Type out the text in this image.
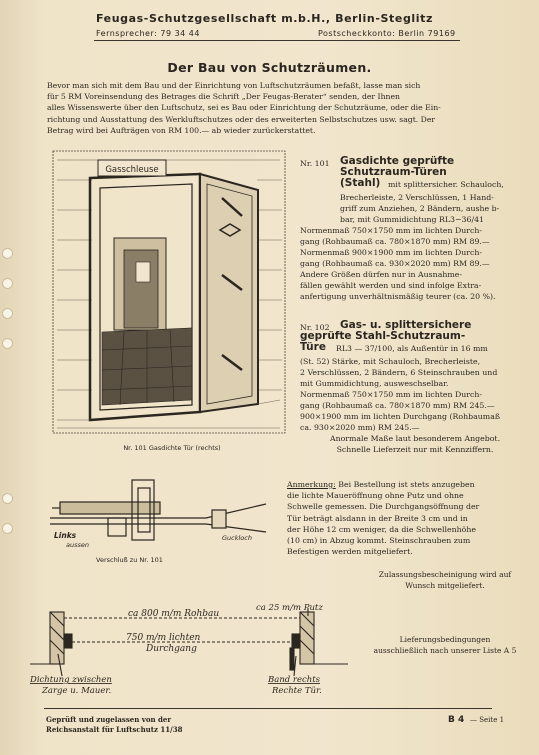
Feugas-Schutzgesellschaft m.b.H., Berlin-Steglitz
Fernsprecher: 79 34 44	Postscheckkonto: Berlin 79169
Der Bau von Schutzräumen.

Bevor man sich mit dem Bau und der Einrichtung von Luftschutzräumen befaßt, lasse man sich

für 5 RM Voreinsendung des Betrages die Schrift „Der Feugas-Berater“ senden, der Ihnen

alles Wissenswerte über den Luftschutz, sei es Bau oder Einrichtung der Schutzräume, oder die Ein-

richtung und Ausstattung des Werkluftschutzes oder des erweiterten Selbstschutzes usw. sagt. Der

Betrag wird bei Aufträgen von RM 100.— ab wieder zurückerstattet.

Gasschleuse
Nr. 101 Gasdichte Tür (rechts)
Nr. 101 Gasdichte geprüfte
Schutzraum-Türen
(Stahl) mit splittersicher. Schauloch,

Brecherleiste, 2 Verschlüssen, 1 Hand-

griff zum Anziehen, 2 Bändern, aushe b-

bar, mit Gummidichtung RL3−36/41

Normenmaß 750×1750 mm im lichten Durch-

gang (Rohbaumaß ca. 780×1870 mm) RM 89.—

Normenmaß 900×1900 mm im lichten Durch-

gang (Rohbaumaß ca. 930×2020 mm) RM 89.—

Andere Größen dürfen nur in Ausnahme-

fällen gewählt werden und sind infolge Extra-

anfertigung unverhältnismäßig teurer (ca. 20 %).

Nr. 102 Gas- u. splittersichere
geprüfte Stahl-Schutzraum-
Türe RL3 — 37/100, als Außentür in 16 mm

(St. 52) Stärke, mit Schauloch, Brecherleiste,

2 Verschlüssen, 2 Bändern, 6 Steinschrauben und

mit Gummidichtung, ausweschselbar.

Normenmaß 750×1750 mm im lichten Durch-

gang (Rohbaumaß ca. 780×1870 mm) RM 245.—

900×1900 mm im lichten Durchgang (Rohbaumaß

ca. 930×2020 mm) RM 245.—

Anormale Maße laut besonderem Angebot.

Schnelle Lieferzeit nur mit Kennziffern.

Links
aussen
Guckloch
Verschluß zu Nr. 101

Anmerkung: Bei Bestellung ist stets anzugeben

die lichte Maueröffnung ohne Putz und ohne

Schwelle gemessen. Die Durchgangsöffnung der

Tür beträgt alsdann in der Breite 3 cm und in

der Höhe 12 cm weniger, da die Schwellenhöhe

(10 cm) in Abzug kommt. Steinschrauben zum

Befestigen werden mitgeliefert.

Zulassungsbescheinigung wird auf

Wunsch mitgeliefert.

ca 800 m/m Rohbau
750 m/m lichten
Durchgang
ca 25 m/m Putz
Dichtung zwischen
Zarge u. Mauer.
Band rechts
Rechte Tür.

Lieferungsbedingungen

ausschließlich nach unserer Liste A 5

Geprüft und zugelassen von der

Reichsanstalt für Luftschutz 11/38

B 4 — Seite 1
